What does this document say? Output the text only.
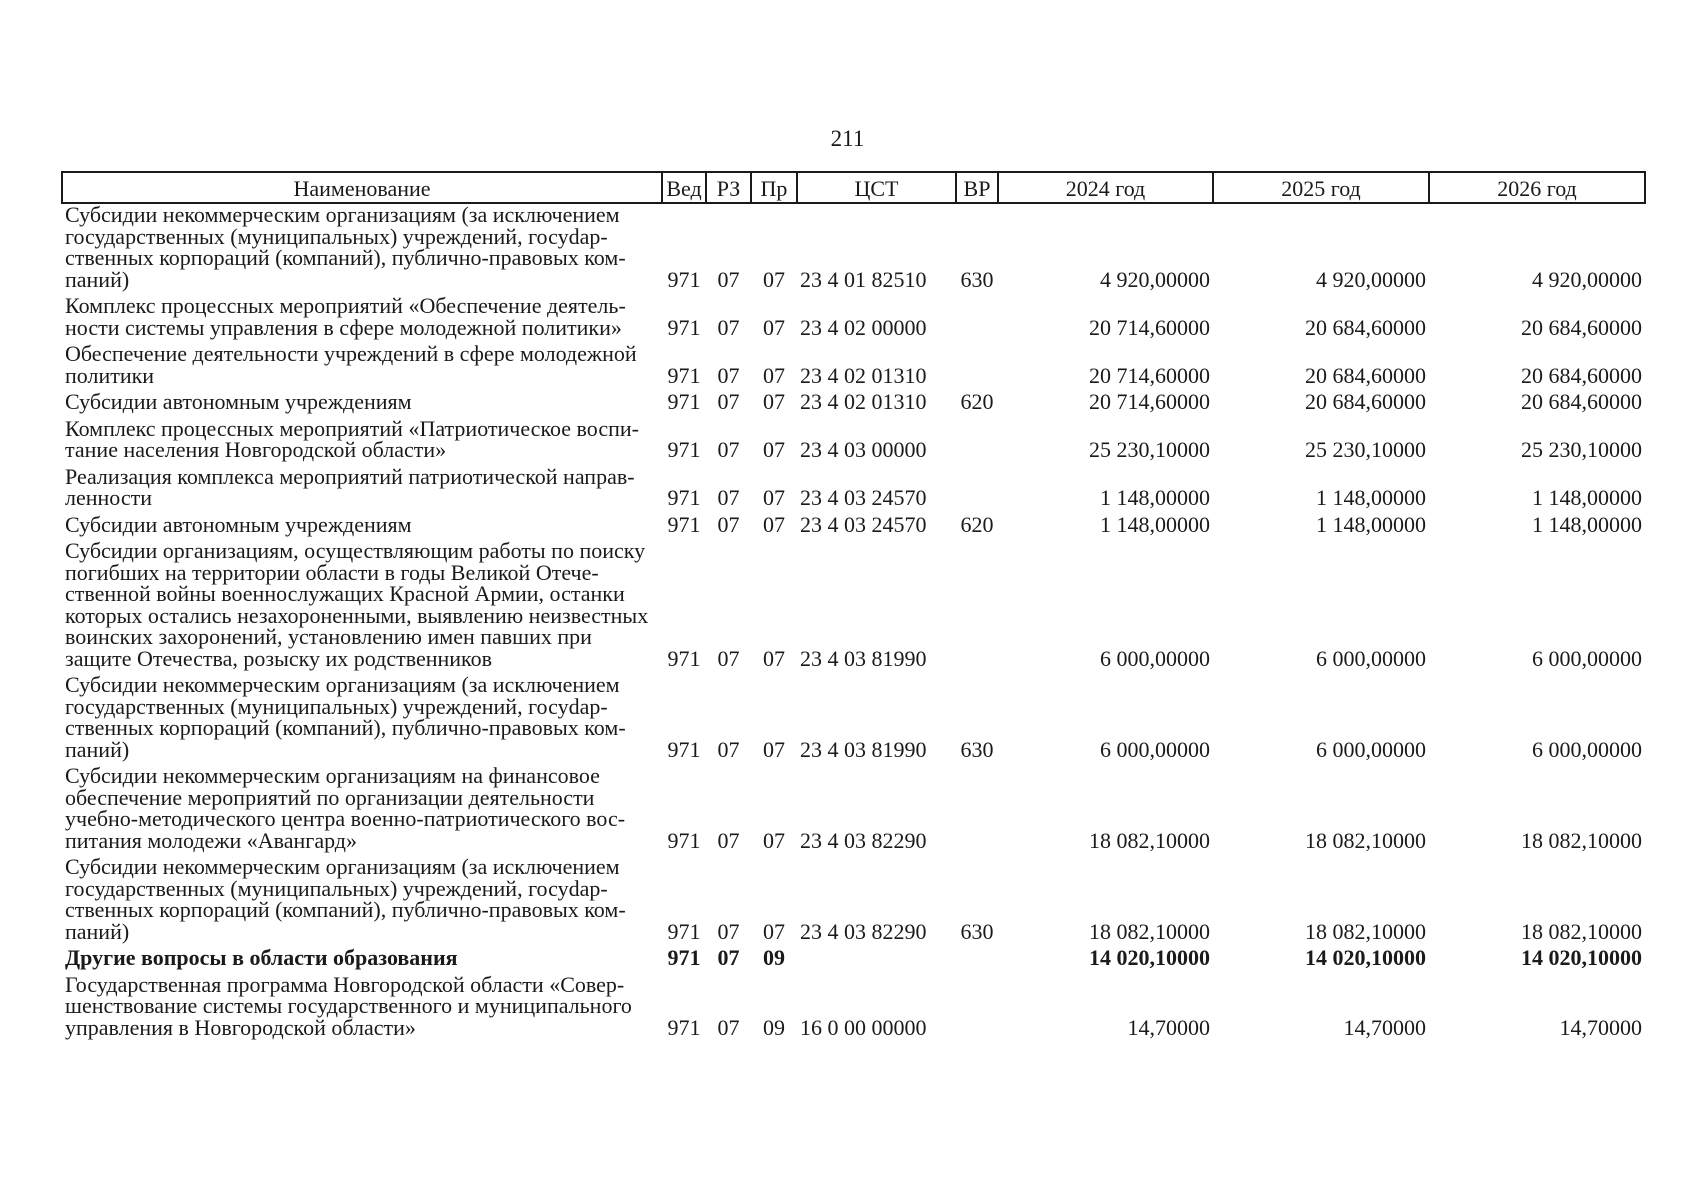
211
Наименование	Вед	РЗ	Пр	ЦСТ	ВР	2024 год	2025 год	2026 год
Субсидии некоммерческим организациям (за исключением государственных (муниципальных) учреждений, госуdарственных корпораций (компаний), публично-правовых компаний)	971	07	07	23 4 01 82510	630	4 920,00000	4 920,00000	4 920,00000
Комплекс процессных мероприятий «Обеспечение деятельности системы управления в сфере молодежной политики»	971	07	07	23 4 02 00000		20 714,60000	20 684,60000	20 684,60000
Обеспечение деятельности учреждений в сфере молодежной политики	971	07	07	23 4 02 01310		20 714,60000	20 684,60000	20 684,60000
Субсидии автономным учреждениям	971	07	07	23 4 02 01310	620	20 714,60000	20 684,60000	20 684,60000
Комплекс процессных мероприятий «Патриотическое воспитание населения Новгородской области»	971	07	07	23 4 03 00000		25 230,10000	25 230,10000	25 230,10000
Реализация комплекса мероприятий патриотической направленности	971	07	07	23 4 03 24570		1 148,00000	1 148,00000	1 148,00000
Субсидии автономным учреждениям	971	07	07	23 4 03 24570	620	1 148,00000	1 148,00000	1 148,00000
Субсидии организациям, осуществляющим работы по поиску погибших на территории области в годы Великой Отечественной войны военнослужащих Красной Армии, останки которых остались незахороненными, выявлению неизвестных воинских захоронений, установлению имен павших при защите Отечества, розыску их родственников	971	07	07	23 4 03 81990		6 000,00000	6 000,00000	6 000,00000
Субсидии некоммерческим организациям (за исключением государственных (муниципальных) учреждений, госуdарственных корпораций (компаний), публично-правовых компаний)	971	07	07	23 4 03 81990	630	6 000,00000	6 000,00000	6 000,00000
Субсидии некоммерческим организациям на финансовое обеспечение мероприятий по организации деятельности учебно-методического центра военно-патриотического воспитания молодежи «Авангард»	971	07	07	23 4 03 82290		18 082,10000	18 082,10000	18 082,10000
Субсидии некоммерческим организациям (за исключением государственных (муниципальных) учреждений, госуdарственных корпораций (компаний), публично-правовых компаний)	971	07	07	23 4 03 82290	630	18 082,10000	18 082,10000	18 082,10000
Другие вопросы в области образования	971	07	09			14 020,10000	14 020,10000	14 020,10000
Государственная программа Новгородской области «Совершенствование системы государственного и муниципального управления в Новгородской области»	971	07	09	16 0 00 00000		14,70000	14,70000	14,70000
